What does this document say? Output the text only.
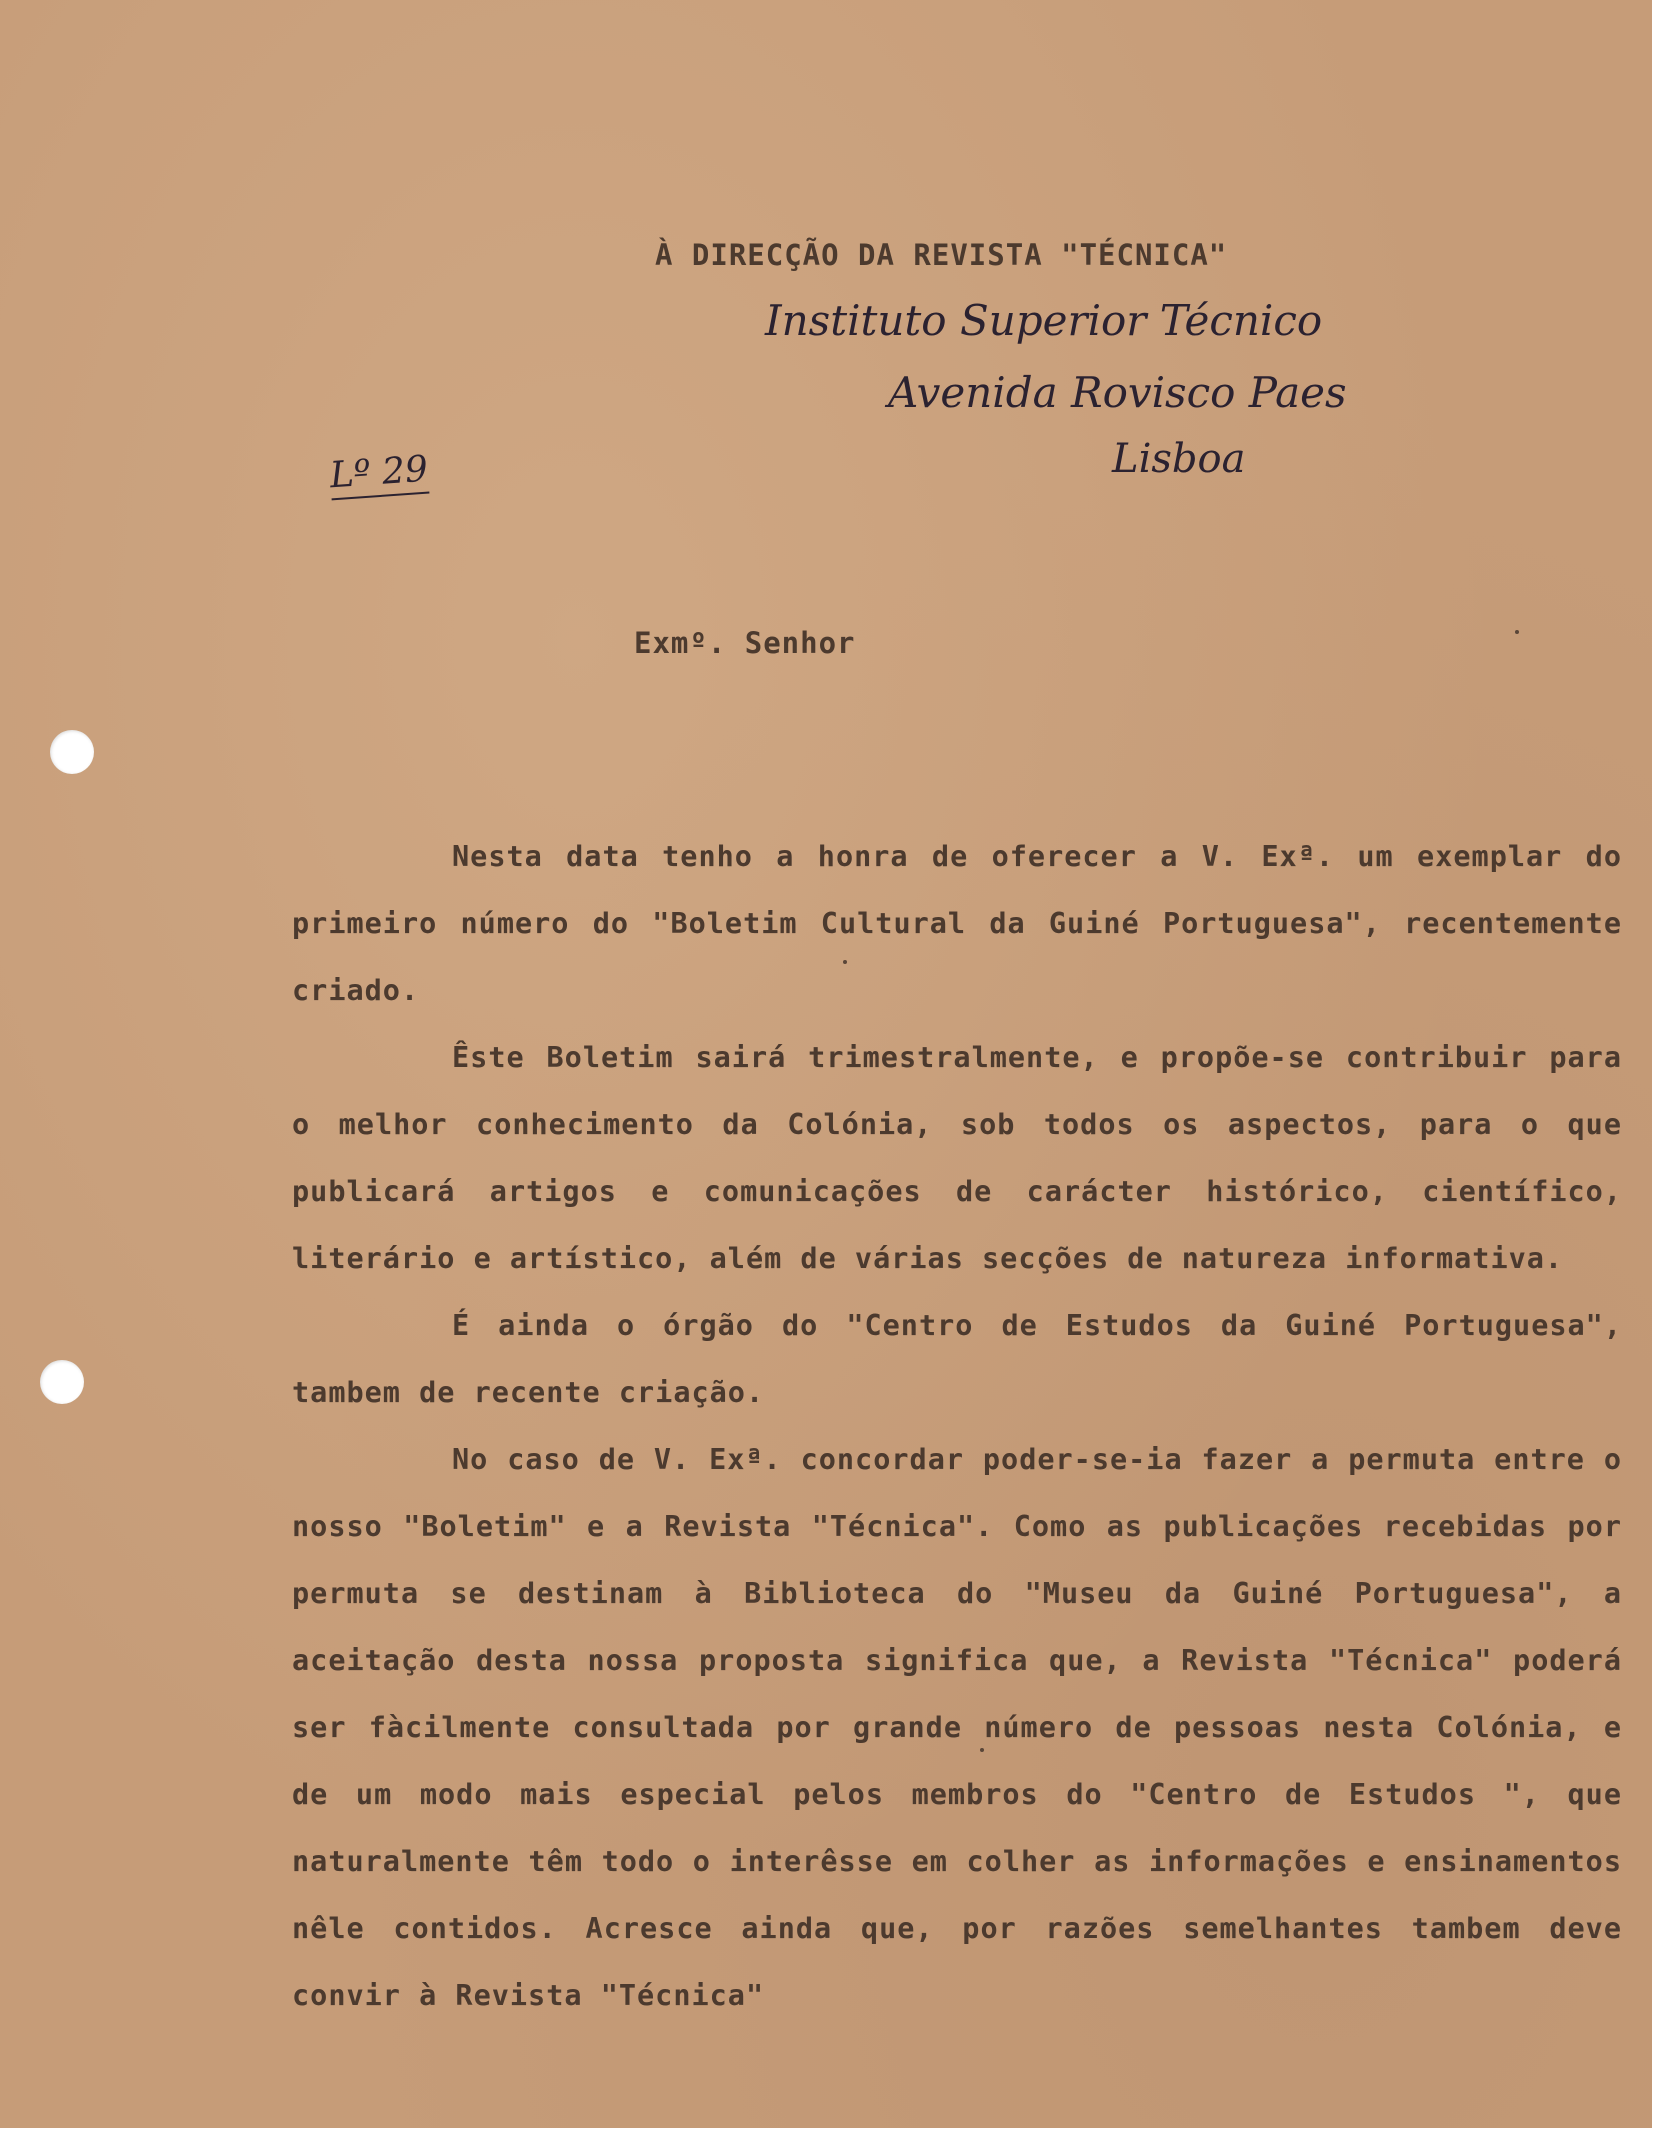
À DIRECÇÃO DA REVISTA "TÉCNICA"
Instituto Superior Técnico
Avenida Rovisco Paes
Lisboa
Lº 29
Exmº. Senhor

Nesta data tenho a honra de oferecer a V. Exª. um exemplar do primeiro número do "Boletim Cultural da Guiné Portuguesa", recentemente criado.

Êste Boletim sairá trimestralmente, e propõe-se contribuir para o melhor conhecimento da Colónia, sob todos os aspectos, para o que publicará artigos e comunicações de carácter histórico, científico, literário e artístico, além de várias secções de natureza informativa.

É ainda o órgão do "Centro de Estudos da Guiné Portuguesa", tambem de recente criação.

No caso de V. Exª. concordar poder-se-ia fazer a permuta entre o nosso "Boletim" e a Revista "Técnica". Como as publicações recebidas por permuta se destinam à Biblioteca do "Museu da Guiné Portuguesa", a aceitação desta nossa proposta significa que, a Revista "Técnica" poderá ser fàcilmente consultada por grande número de pessoas nesta Colónia, e de um modo mais especial pelos membros do "Centro de Estudos ", que naturalmente têm todo o interêsse em colher as informações e ensinamentos nêle contidos. Acresce ainda que, por razões semelhantes tambem deve convir à Revista "Técnica"
